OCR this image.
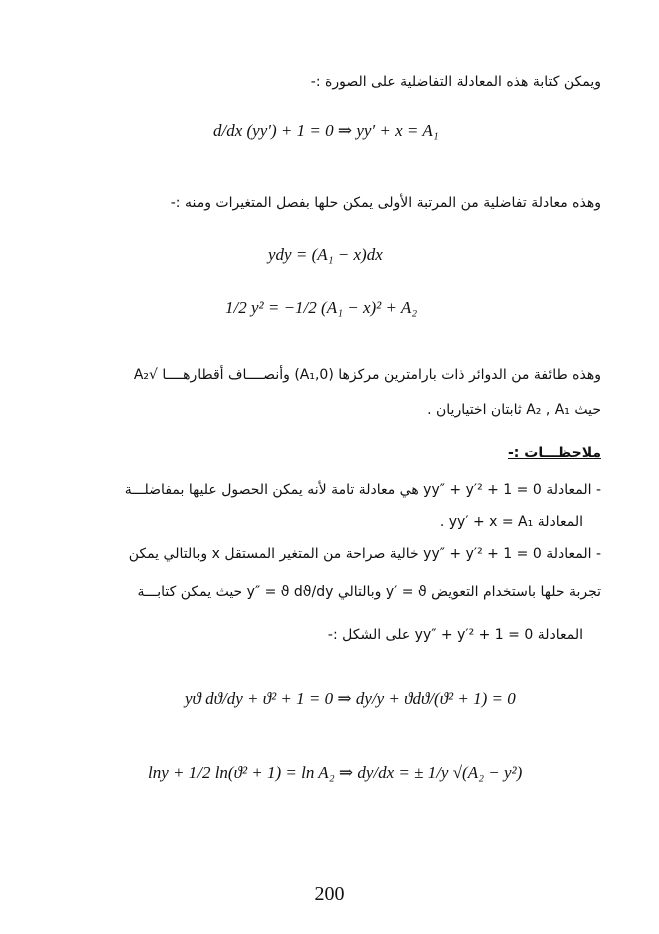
ويمكن كتابة هذه المعادلة التفاضلية على الصورة :-
d/dx (yy′) + 1 = 0 ⇒ yy′ + x = A₁
وهذه معادلة تفاضلية من المرتبة الأولى يمكن حلها بفصل المتغيرات ومنه :-
ydy = (A₁ − x)dx
1/2 y² = −1/2 (A₁ − x)² + A₂
وهذه طائفة من الدوائر ذات بارامترين مركزها (A₁,0) وأنصــــاف أقطارهــــا √A₂
حيث A₂ , A₁ ثابتان اختياريان .
ملاحظـــات :-
- المعادلة yy″ + y′² + 1 = 0 هي معادلة تامة لأنه يمكن الحصول عليها بمفاضلـــة
المعادلة yy′ + x = A₁ .
- المعادلة yy″ + y′² + 1 = 0 خالية صراحة من المتغير المستقل x وبالتالي يمكن
تجربة حلها باستخدام التعويض y′ = ϑ وبالتالي y″ = ϑ dϑ/dy حيث يمكن كتابـــة
المعادلة yy″ + y′² + 1 = 0 على الشكل :-
yϑ dϑ/dy + ϑ² + 1 = 0 ⇒ dy/y + ϑdϑ/(ϑ² + 1) = 0
lny + 1/2 ln(ϑ² + 1) = ln A₂ ⇒ dy/dx = ± 1/y √(A₂ − y²)
200
